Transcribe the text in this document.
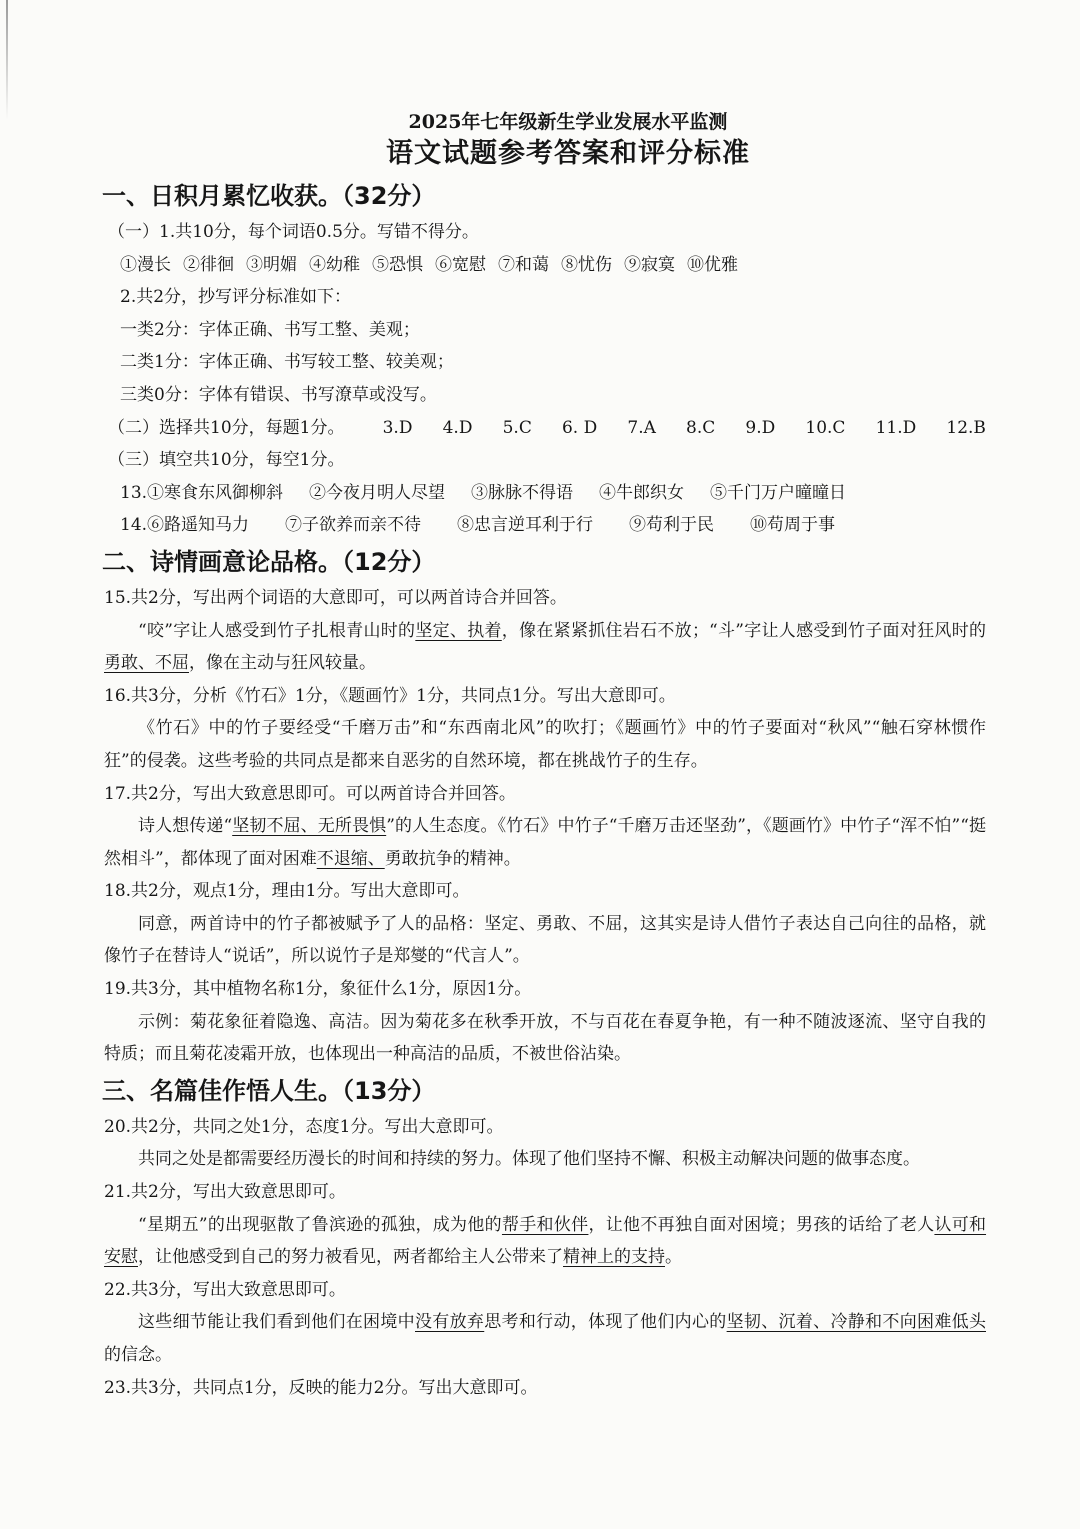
2025年七年级新生学业发展水平监测

语文试题参考答案和评分标准

一、日积月累忆收获。（32分）

（一）1.共10分，每个词语0.5分。写错不得分。

①漫长 ②徘徊 ③明媚 ④幼稚 ⑤恐惧 ⑥宽慰 ⑦和蔼 ⑧忧伤 ⑨寂寞 ⑩优雅

2.共2分，抄写评分标准如下：

一类2分：字体正确、书写工整、美观；

二类1分：字体正确、书写较工整、较美观；

三类0分：字体有错误、书写潦草或没写。

（二）选择共10分，每题1分。 3.D 4.D 5.C 6. D 7.A 8.C 9.D 10.C 11.D 12.B

（三）填空共10分，每空1分。

13.①寒食东风御柳斜 ②今夜月明人尽望 ③脉脉不得语 ④牛郎织女 ⑤千门万户曈曈日
14.⑥路遥知马力 ⑦子欲养而亲不待 ⑧忠言逆耳利于行 ⑨苟利于民 ⑩苟周于事

二、诗情画意论品格。（12分）

15.共2分，写出两个词语的大意即可，可以两首诗合并回答。

“咬”字让人感受到竹子扎根青山时的坚定、执着，像在紧紧抓住岩石不放；“斗”字让人感受到竹子面对狂风时的勇敢、不屈，像在主动与狂风较量。

16.共3分，分析《竹石》1分，《题画竹》1分，共同点1分。写出大意即可。

《竹石》中的竹子要经受“千磨万击”和“东西南北风”的吹打；《题画竹》中的竹子要面对“秋风”“触石穿林惯作狂”的侵袭。这些考验的共同点是都来自恶劣的自然环境，都在挑战竹子的生存。

17.共2分，写出大致意思即可。可以两首诗合并回答。

诗人想传递“坚韧不屈、无所畏惧”的人生态度。《竹石》中竹子“千磨万击还坚劲”，《题画竹》中竹子“浑不怕”“挺然相斗”，都体现了面对困难不退缩、勇敢抗争的精神。

18.共2分，观点1分，理由1分。写出大意即可。

同意，两首诗中的竹子都被赋予了人的品格：坚定、勇敢、不屈，这其实是诗人借竹子表达自己向往的品格，就像竹子在替诗人“说话”，所以说竹子是郑燮的“代言人”。

19.共3分，其中植物名称1分，象征什么1分，原因1分。

示例：菊花象征着隐逸、高洁。因为菊花多在秋季开放，不与百花在春夏争艳，有一种不随波逐流、坚守自我的特质；而且菊花凌霜开放，也体现出一种高洁的品质，不被世俗沾染。

三、名篇佳作悟人生。（13分）

20.共2分，共同之处1分，态度1分。写出大意即可。

共同之处是都需要经历漫长的时间和持续的努力。体现了他们坚持不懈、积极主动解决问题的做事态度。

21.共2分，写出大致意思即可。

“星期五”的出现驱散了鲁滨逊的孤独，成为他的帮手和伙伴，让他不再独自面对困境；男孩的话给了老人认可和安慰，让他感受到自己的努力被看见，两者都给主人公带来了精神上的支持。

22.共3分，写出大致意思即可。

这些细节能让我们看到他们在困境中没有放弃思考和行动，体现了他们内心的坚韧、沉着、冷静和不向困难低头的信念。

23.共3分，共同点1分，反映的能力2分。写出大意即可。
